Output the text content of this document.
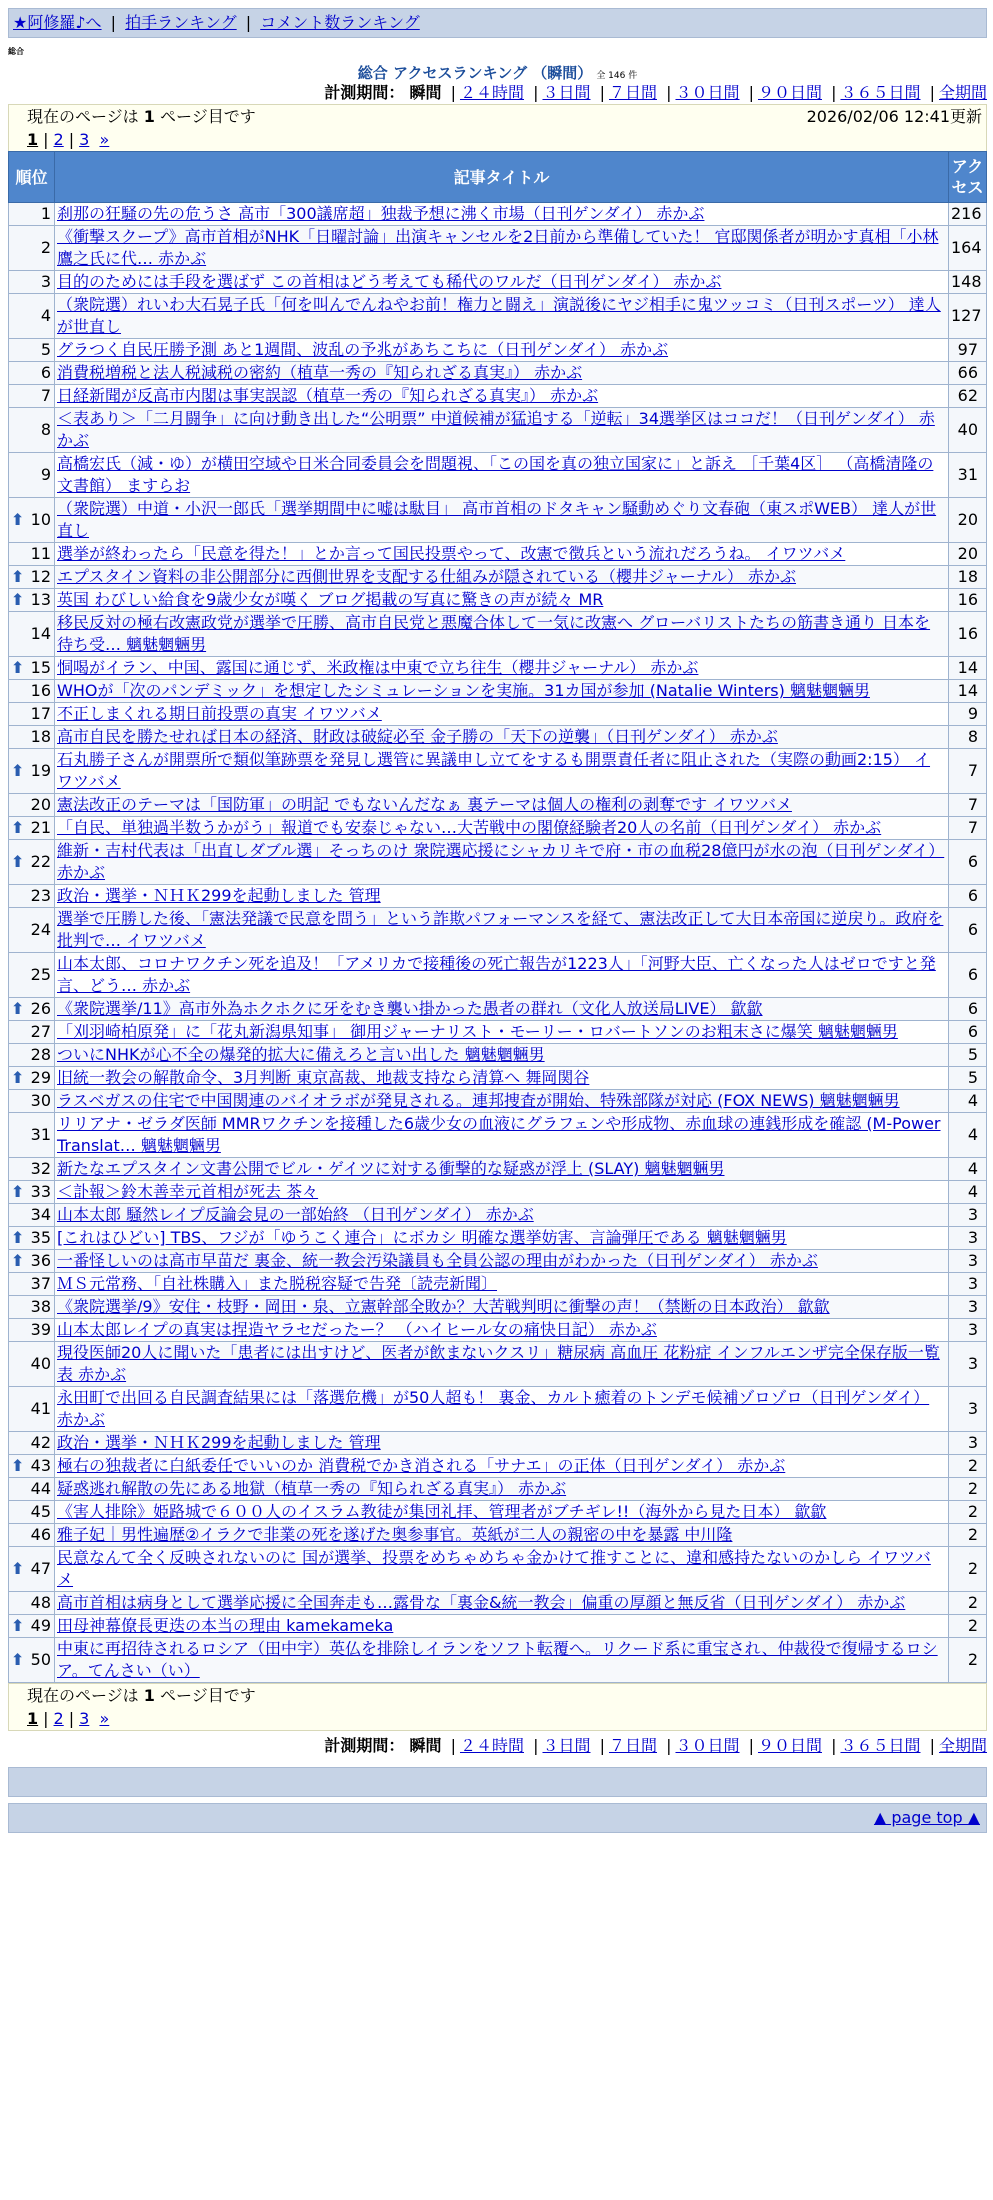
★阿修羅♪へ | 拍手ランキング | コメント数ランキング
総合
総合 アクセスランキング （瞬間） 全 146 件
計測期間： 瞬間 | ２４時間 | ３日間 | ７日間 | ３０日間 | ９０日間 | ３６５日間 | 全期間
現在のページは 1 ページ目です	2026/02/06 12:41更新
1 | 2 | 3 »
順位	記事タイトル	アクセス
1	刹那の狂騒の先の危うさ 高市「300議席超」独裁予想に沸く市場（日刊ゲンダイ） 赤かぶ	216
2	《衝撃スクープ》高市首相がNHK「日曜討論」出演キャンセルを2日前から準備していた！ 官邸関係者が明かす真相「小林鷹之氏に代… 赤かぶ	164
3	目的のためには手段を選ばず この首相はどう考えても稀代のワルだ（日刊ゲンダイ） 赤かぶ	148
4	（衆院選）れいわ大石晃子氏「何を叫んでんねやお前！権力と闘え」演説後にヤジ相手に鬼ツッコミ（日刊スポーツ） 達人が世直し	127
5	グラつく自民圧勝予測 あと1週間、波乱の予兆があちこちに（日刊ゲンダイ） 赤かぶ	97
6	消費税増税と法人税減税の密約（植草一秀の『知られざる真実』） 赤かぶ	66
7	日経新聞が反高市内閣は事実誤認（植草一秀の『知られざる真実』） 赤かぶ	62
8	＜表あり＞「二月闘争」に向け動き出した“公明票” 中道候補が猛追する「逆転」34選挙区はココだ！（日刊ゲンダイ） 赤かぶ	40
9	高橋宏氏（減・ゆ）が横田空域や日米合同委員会を問題視、「この国を真の独立国家に」と訴え ［千葉4区］ （高橋清隆の文書館） ますらお	31

⬆ 10	（衆院選）中道・小沢一郎氏「選挙期間中に嘘は駄目」 高市首相のドタキャン騒動めぐり文春砲（東スポWEB） 達人が世直し	20
11	選挙が終わったら「民意を得た！」とか言って国民投票やって、改憲で徴兵という流れだろうね。 イワツバメ	20

⬆ 12	エプスタイン資料の非公開部分に西側世界を支配する仕組みが隠されている（櫻井ジャーナル） 赤かぶ	18

⬆ 13	英国 わびしい給食を9歳少女が嘆く ブログ掲載の写真に驚きの声が続々 MR	16
14	移民反対の極右改憲政党が選挙で圧勝、高市自民党と悪魔合体して一気に改憲へ グローバリストたちの筋書き通り 日本を待ち受… 魑魅魍魎男	16

⬆ 15	恫喝がイラン、中国、露国に通じず、米政権は中東で立ち往生（櫻井ジャーナル） 赤かぶ	14
16	WHOが「次のパンデミック」を想定したシミュレーションを実施。31カ国が参加 (Natalie Winters) 魑魅魍魎男	14
17	不正しまくれる期日前投票の真実 イワツバメ	9
18	高市自民を勝たせれば日本の経済、財政は破綻必至 金子勝の「天下の逆襲」（日刊ゲンダイ） 赤かぶ	8

⬆ 19	石丸勝子さんが開票所で類似筆跡票を発見し選管に異議申し立てをするも開票責任者に阻止された（実際の動画2:15） イワツバメ	7
20	憲法改正のテーマは「国防軍」の明記 でもないんだなぁ 裏テーマは個人の権利の剥奪です イワツバメ	7

⬆ 21	「自民、単独過半数うかがう」報道でも安泰じゃない…大苦戦中の閣僚経験者20人の名前（日刊ゲンダイ） 赤かぶ	7

⬆ 22	維新・吉村代表は「出直しダブル選」そっちのけ 衆院選応援にシャカリキで府・市の血税28億円が水の泡（日刊ゲンダイ） 赤かぶ	6
23	政治・選挙・ＮＨＫ299を起動しました 管理	6
24	選挙で圧勝した後、「憲法発議で民意を問う」という詐欺パフォーマンスを経て、憲法改正して大日本帝国に逆戻り。政府を批判で… イワツバメ	6
25	山本太郎、コロナワクチン死を追及！「アメリカで接種後の死亡報告が1223人」「河野大臣、亡くなった人はゼロですと発言、どう… 赤かぶ	6

⬆ 26	《衆院選挙/11》高市外為ホクホクに牙をむき襲い掛かった愚者の群れ（文化人放送局LIVE） 歙歙	6
27	「刈羽崎柏原発」に「花丸新潟県知事」 御用ジャーナリスト・モーリー・ロバートソンのお粗末さに爆笑 魑魅魍魎男	6
28	ついにNHKが心不全の爆発的拡大に備えろと言い出した 魑魅魍魎男	5

⬆ 29	旧統一教会の解散命令、3月判断 東京高裁、地裁支持なら清算へ 舞岡関谷	5
30	ラスベガスの住宅で中国関連のバイオラボが発見される。連邦捜査が開始、特殊部隊が対応 (FOX NEWS) 魑魅魍魎男	4
31	リリアナ・ゼラダ医師 MMRワクチンを接種した6歳少女の血液にグラフェンや形成物、赤血球の連銭形成を確認 (M-Power Translat… 魑魅魍魎男	4
32	新たなエプスタイン文書公開でビル・ゲイツに対する衝撃的な疑惑が浮上 (SLAY) 魑魅魍魎男	4

⬆ 33	＜訃報＞鈴木善幸元首相が死去 茶々	4
34	山本太郎 騒然レイプ反論会見の一部始終 （日刊ゲンダイ） 赤かぶ	3

⬆ 35	[これはひどい] TBS、フジが「ゆうこく連合」にボカシ 明確な選挙妨害、言論弾圧である 魑魅魍魎男	3

⬆ 36	一番怪しいのは高市早苗だ 裏金、統一教会汚染議員も全員公認の理由がわかった（日刊ゲンダイ） 赤かぶ	3
37	ＭＳ元常務、「自社株購入」また脱税容疑で告発〔読売新聞〕	3
38	《衆院選挙/9》安住・枝野・岡田・泉、立憲幹部全敗か？大苦戦判明に衝撃の声！（禁断の日本政治） 歙歙	3
39	山本太郎レイプの真実は捏造ヤラセだったー？ （ハイヒール女の痛快日記） 赤かぶ	3
40	現役医師20人に聞いた「患者には出すけど、医者が飲まないクスリ」糖尿病 高血圧 花粉症 インフルエンザ完全保存版一覧表 赤かぶ	3
41	永田町で出回る自民調査結果には「落選危機」が50人超も！ 裏金、カルト癒着のトンデモ候補ゾロゾロ（日刊ゲンダイ） 赤かぶ	3
42	政治・選挙・ＮＨＫ299を起動しました 管理	3

⬆ 43	極右の独裁者に白紙委任でいいのか 消費税でかき消される「サナエ」の正体（日刊ゲンダイ） 赤かぶ	2
44	疑惑逃れ解散の先にある地獄（植草一秀の『知られざる真実』） 赤かぶ	2
45	《害人排除》姫路城で６００人のイスラム教徒が集団礼拝、管理者がブチギレ!!（海外から見た日本） 歙歙	2
46	雅子妃｜男性遍歴②イラクで非業の死を遂げた奥参事官。英紙が二人の親密の中を暴露 中川隆	2

⬆ 47	民意なんて全く反映されないのに 国が選挙、投票をめちゃめちゃ金かけて推すことに、違和感持たないのかしら イワツバメ	2
48	高市首相は病身として選挙応援に全国奔走も…露骨な「裏金&統一教会」偏重の厚顔と無反省（日刊ゲンダイ） 赤かぶ	2

⬆ 49	田母神幕僚長更迭の本当の理由 kamekameka	2

⬆ 50	中東に再招待されるロシア（田中宇）英仏を排除しイランをソフト転覆へ。リクード系に重宝され、仲裁役で復帰するロシア。てんさい（い）	2
現在のページは 1 ページ目です
1 | 2 | 3 »
計測期間： 瞬間 | ２４時間 | ３日間 | ７日間 | ３０日間 | ９０日間 | ３６５日間 | 全期間
▲ page top ▲
